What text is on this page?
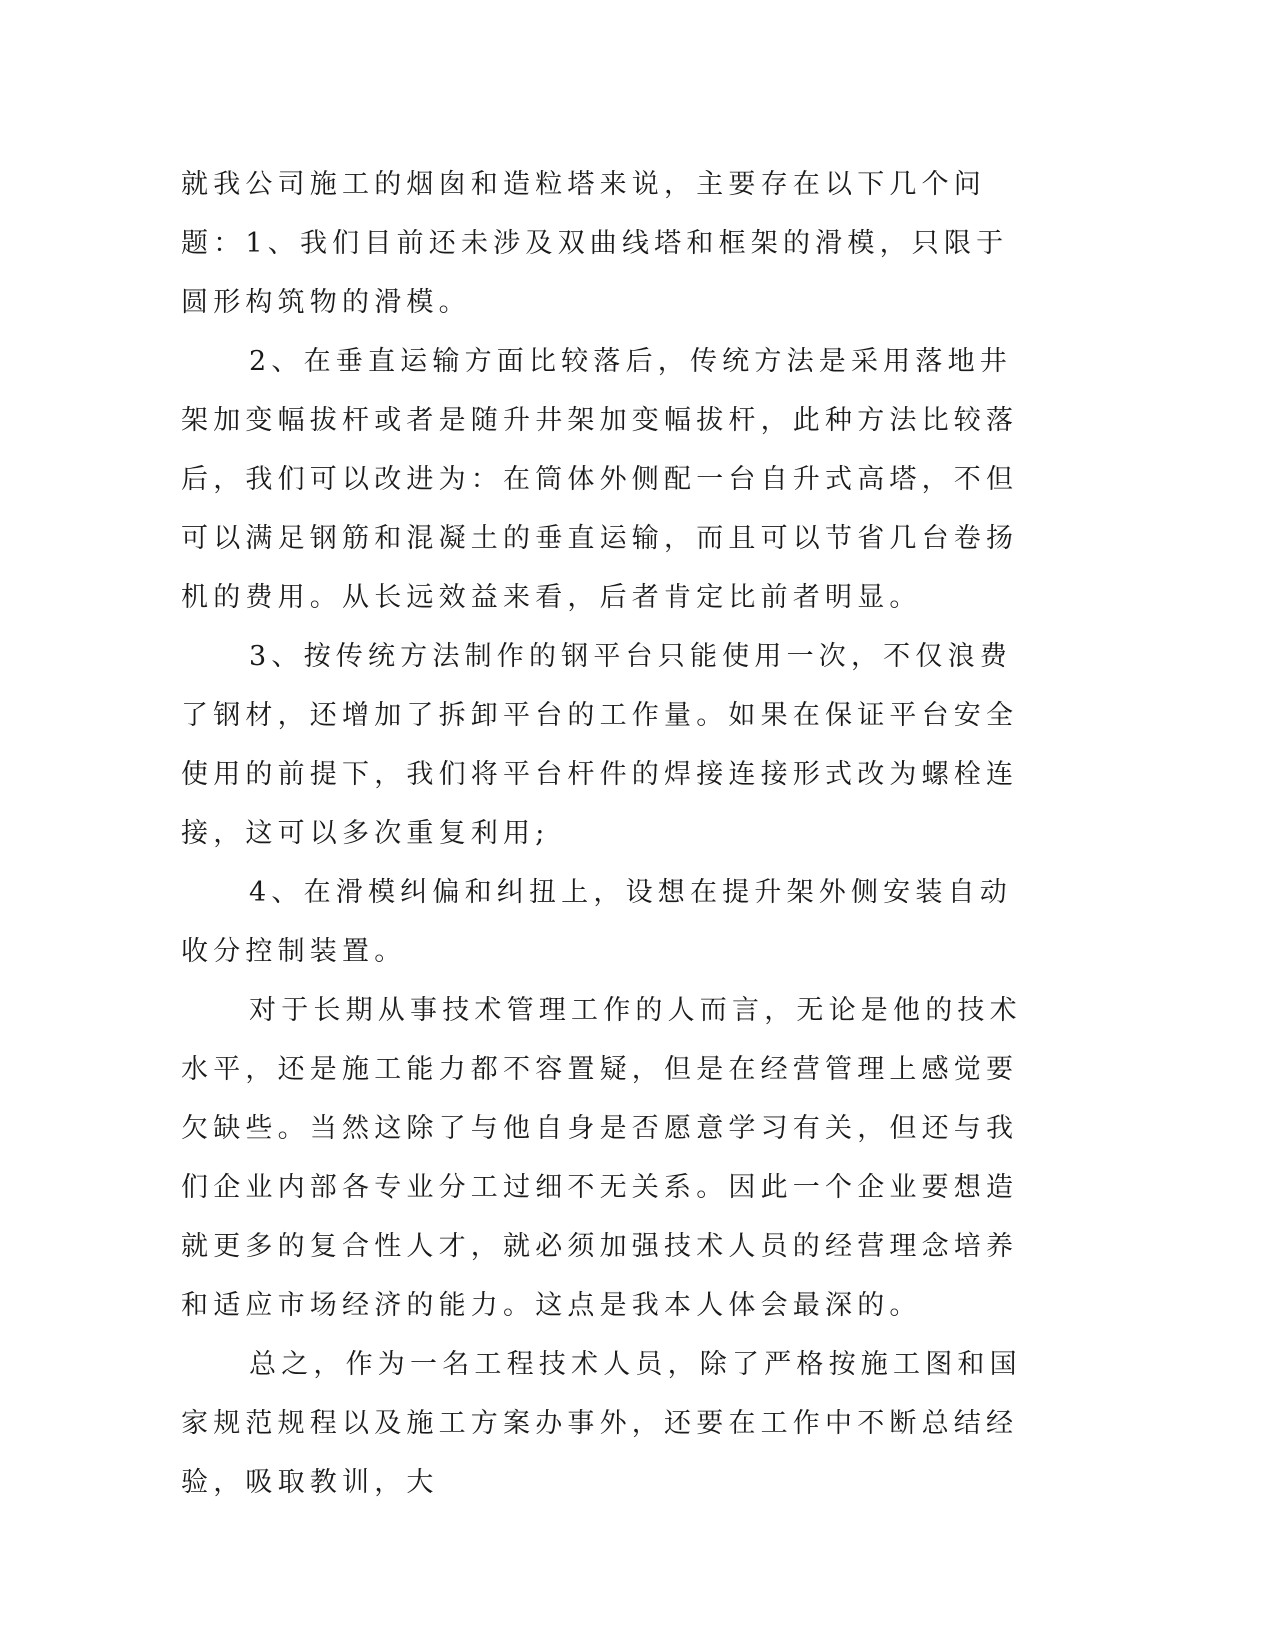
就我公司施工的烟囱和造粒塔来说，主要存在以下几个问题：1、我们目前还未涉及双曲线塔和框架的滑模，只限于圆形构筑物的滑模。

2、在垂直运输方面比较落后，传统方法是采用落地井架加变幅拔杆或者是随升井架加变幅拔杆，此种方法比较落后，我们可以改进为：在筒体外侧配一台自升式高塔，不但可以满足钢筋和混凝土的垂直运输，而且可以节省几台卷扬机的费用。从长远效益来看，后者肯定比前者明显。

3、按传统方法制作的钢平台只能使用一次，不仅浪费了钢材，还增加了拆卸平台的工作量。如果在保证平台安全使用的前提下，我们将平台杆件的焊接连接形式改为螺栓连接，这可以多次重复利用;

4、在滑模纠偏和纠扭上，设想在提升架外侧安装自动收分控制装置。

对于长期从事技术管理工作的人而言，无论是他的技术水平，还是施工能力都不容置疑，但是在经营管理上感觉要欠缺些。当然这除了与他自身是否愿意学习有关，但还与我们企业内部各专业分工过细不无关系。因此一个企业要想造就更多的复合性人才，就必须加强技术人员的经营理念培养和适应市场经济的能力。这点是我本人体会最深的。

总之，作为一名工程技术人员，除了严格按施工图和国家规范规程以及施工方案办事外，还要在工作中不断总结经验，吸取教训，大
